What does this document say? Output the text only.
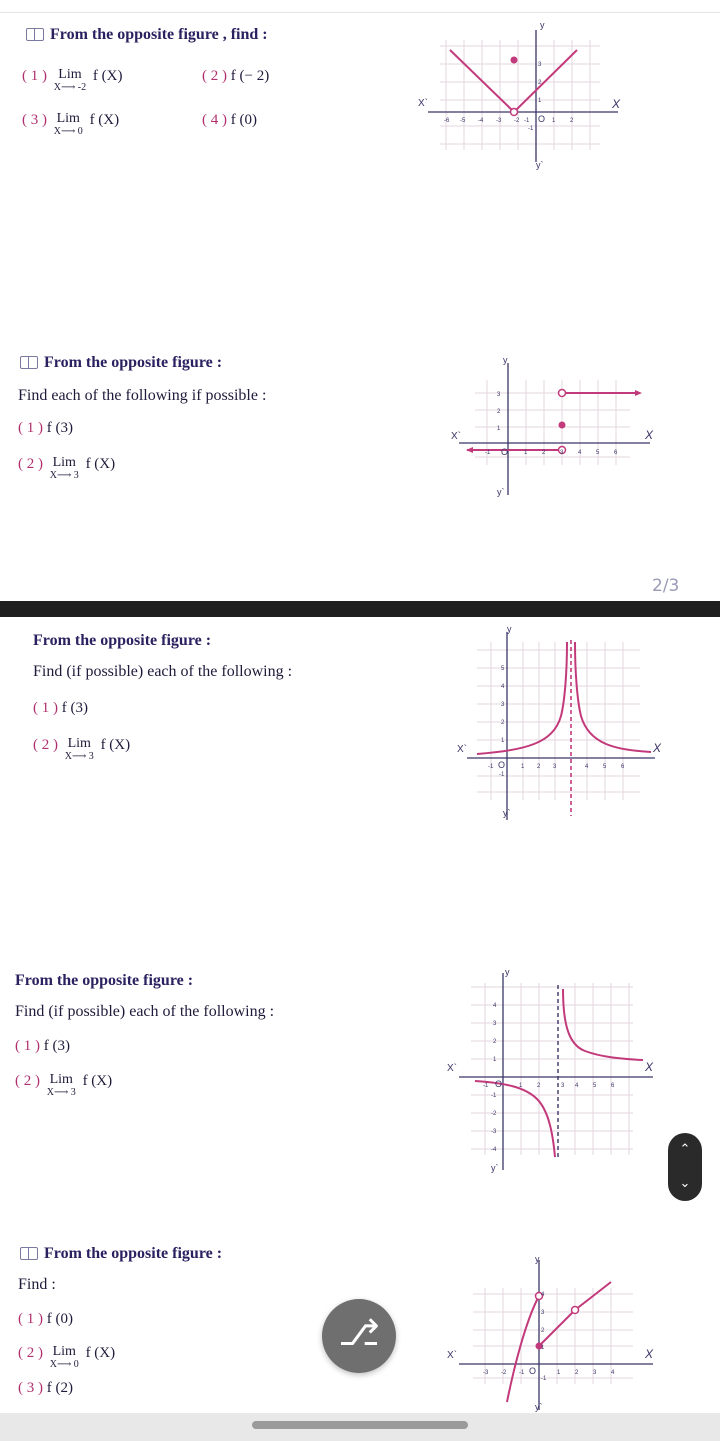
From the opposite figure , find :
( 1 ) Lim
X⟶ -2
f (X)	( 2 ) f (− 2)
( 3 ) Lim
X⟶ 0
f (X)	( 4 ) f (0)
y
y`
X
X`
O
-6 -5 -4 -3 -2 -1	1 2
3
2
1
-1
From the opposite figure :
Find each of the following if possible :
( 1 ) f (3)
( 2 ) Lim
X⟶ 3
f (X)
y
y`
X
X`
O
-1	1 2 3 4 5 6
3
2
1
2/3
From the opposite figure :
Find (if possible) each of the following :
( 1 ) f (3)
( 2 ) Lim
X⟶ 3
f (X)
y
y`
X
X`
O
-1	1 2 3	4 5 6
5
4
3
2
1
-1
From the opposite figure :
Find (if possible) each of the following :
( 1 ) f (3)
( 2 ) Lim
X⟶ 3
f (X)
y
y`
X
X`
O
-1	1 2	3 4 5 6
4
3
2
1
-1
-2
-3
-4	⌃
⌄
From the opposite figure :
Find :
( 1 ) f (0)
( 2 ) Lim
X⟶ 0
f (X)
( 3 ) f (2)
y
y`
X
X`
O
-3 -2 -1	1 2 3 4
4
3
2
1
-1
⎇
